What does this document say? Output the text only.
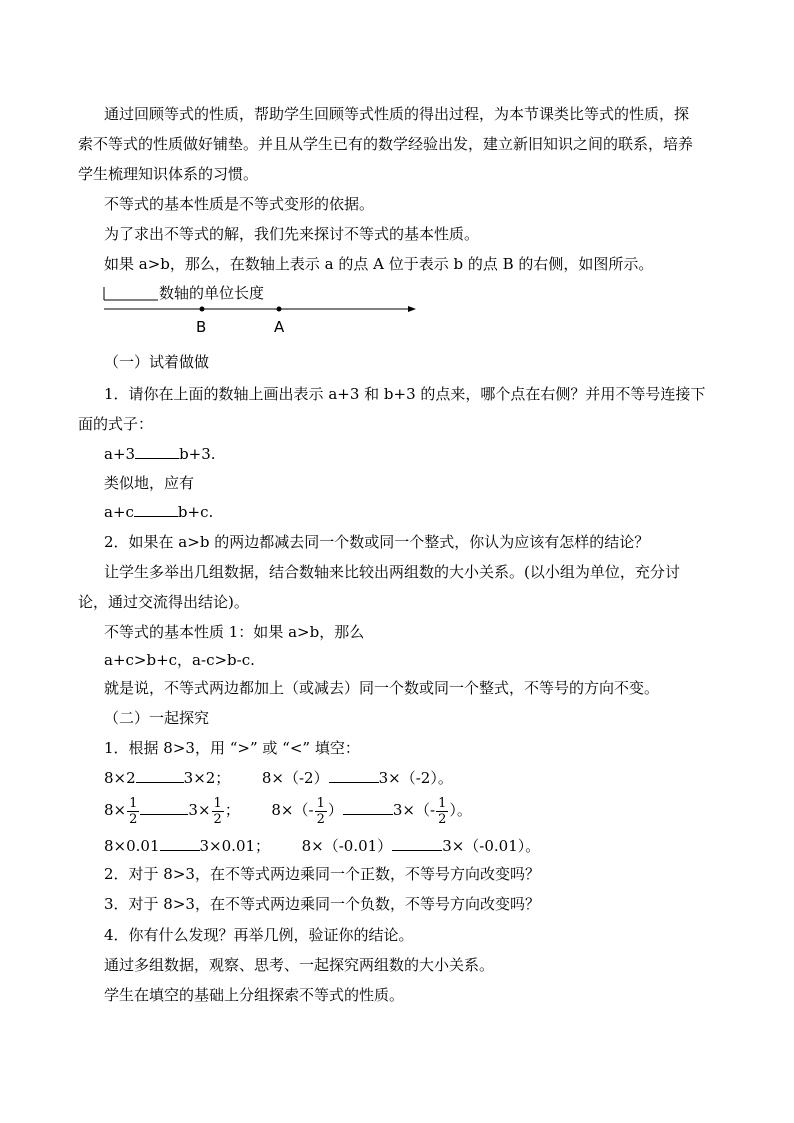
通过回顾等式的性质，帮助学生回顾等式性质的得出过程，为本节课类比等式的性质，探
索不等式的性质做好铺垫。并且从学生已有的数学经验出发，建立新旧知识之间的联系，培养
学生梳理知识体系的习惯。
不等式的基本性质是不等式变形的依据。
为了求出不等式的解，我们先来探讨不等式的基本性质。
如果 a>b，那么，在数轴上表示 a 的点 A 位于表示 b 的点 B 的右侧，如图所示。
数轴的单位长度
B	A
（一）试着做做
1．请你在上面的数轴上画出表示 a+3 和 b+3 的点来，哪个点在右侧？并用不等号连接下
面的式子：
a+3	b+3.
类似地，应有
a+c	b+c.
2．如果在 a>b 的两边都减去同一个数或同一个整式，你认为应该有怎样的结论？
让学生多举出几组数据，结合数轴来比较出两组数的大小关系。(以小组为单位，充分讨
论，通过交流得出结论)。
不等式的基本性质 1：如果 a>b，那么
a+c>b+c，a-c>b-c.
就是说，不等式两边都加上（或减去）同一个数或同一个整式，不等号的方向不变。
（二）一起探究
1．根据 8>3，用 “>” 或 “<” 填空：
8×2	3×2； 8×（-2）	3×（-2）。
$8\times \frac{1}{2}$	$3\times \frac{1}{2}$ ； $8\times(- \frac{1}{2}$ ）	$3\times(- \frac{1}{2}$ ）。
8×0.01	3×0.01； 8×（-0.01）	3×（-0.01）。
2．对于 8>3，在不等式两边乘同一个正数，不等号方向改变吗？
3．对于 8>3，在不等式两边乘同一个负数，不等号方向改变吗？
4．你有什么发现？再举几例，验证你的结论。
通过多组数据，观察、思考、一起探究两组数的大小关系。
学生在填空的基础上分组探索不等式的性质。
